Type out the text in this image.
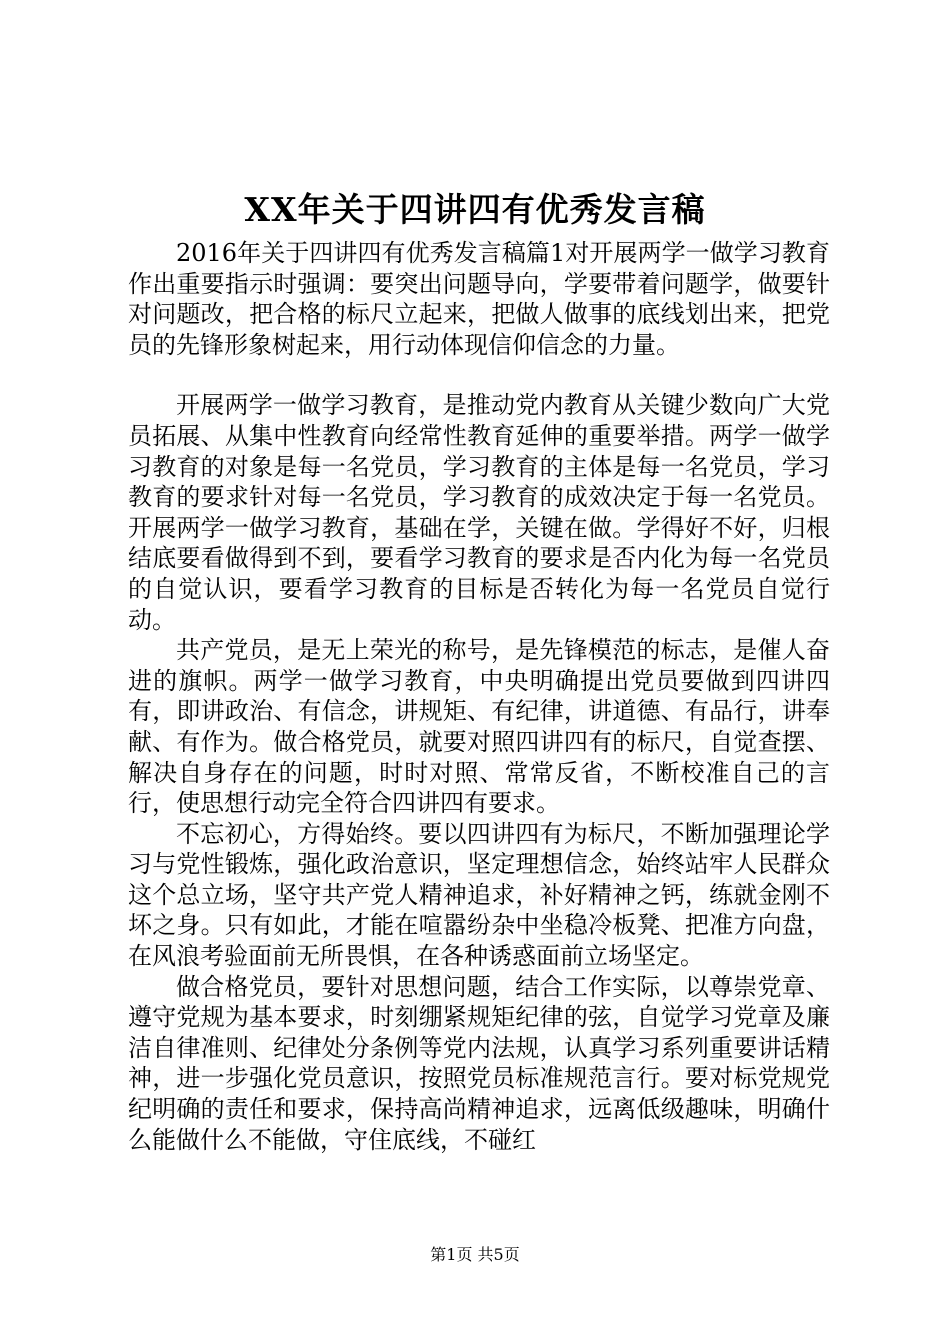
XX年关于四讲四有优秀发言稿

2016年关于四讲四有优秀发言稿篇1对开展两学一做学习教育作出重要指示时强调：要突出问题导向，学要带着问题学，做要针对问题改，把合格的标尺立起来，把做人做事的底线划出来，把党员的先锋形象树起来，用行动体现信仰信念的力量。

开展两学一做学习教育，是推动党内教育从关键少数向广大党员拓展、从集中性教育向经常性教育延伸的重要举措。两学一做学习教育的对象是每一名党员，学习教育的主体是每一名党员，学习教育的要求针对每一名党员，学习教育的成效决定于每一名党员。开展两学一做学习教育，基础在学，关键在做。学得好不好，归根结底要看做得到不到，要看学习教育的要求是否内化为每一名党员的自觉认识，要看学习教育的目标是否转化为每一名党员自觉行动。

共产党员，是无上荣光的称号，是先锋模范的标志，是催人奋进的旗帜。两学一做学习教育，中央明确提出党员要做到四讲四有，即讲政治、有信念，讲规矩、有纪律，讲道德、有品行，讲奉献、有作为。做合格党员，就要对照四讲四有的标尺，自觉查摆、解决自身存在的问题，时时对照、常常反省，不断校准自己的言行，使思想行动完全符合四讲四有要求。

不忘初心，方得始终。要以四讲四有为标尺，不断加强理论学习与党性锻炼，强化政治意识，坚定理想信念，始终站牢人民群众这个总立场，坚守共产党人精神追求，补好精神之钙，练就金刚不坏之身。只有如此，才能在喧嚣纷杂中坐稳冷板凳、把准方向盘，在风浪考验面前无所畏惧，在各种诱惑面前立场坚定。

做合格党员，要针对思想问题，结合工作实际，以尊崇党章、遵守党规为基本要求，时刻绷紧规矩纪律的弦，自觉学习党章及廉洁自律准则、纪律处分条例等党内法规，认真学习系列重要讲话精神，进一步强化党员意识，按照党员标准规范言行。要对标党规党纪明确的责任和要求，保持高尚精神追求，远离低级趣味，明确什么能做什么不能做，守住底线，不碰红

第1页 共5页
